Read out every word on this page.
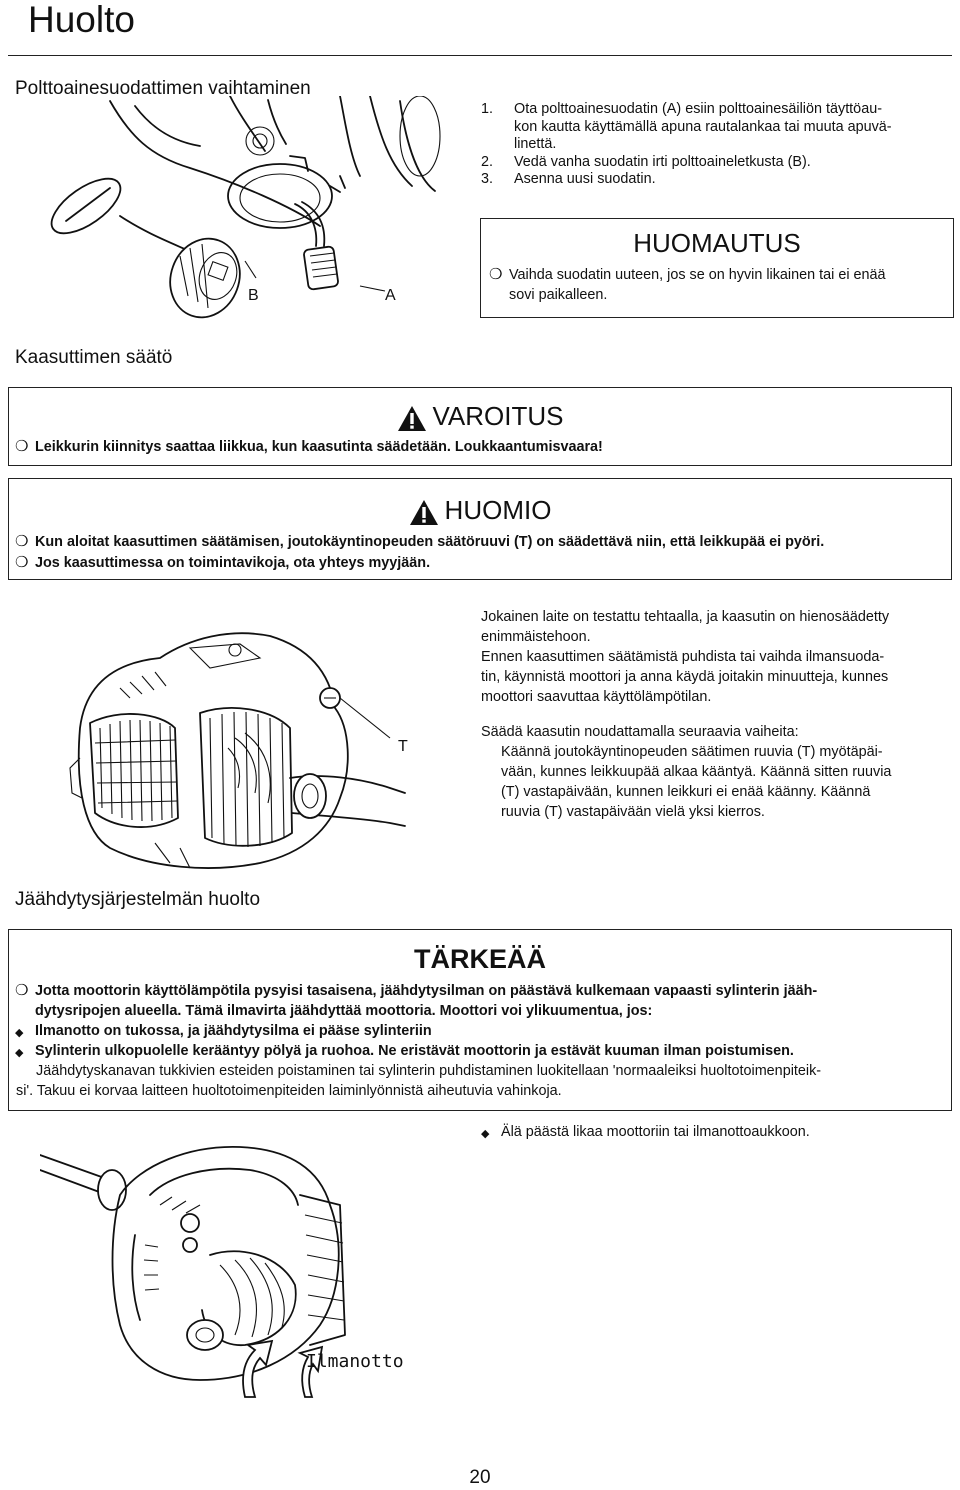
Huolto
Polttoainesuodattimen vaihtaminen
B	A
1. Ota polttoainesuodatin (A) esiin polttoainesäiliön täyttöau-
kon kautta käyttämällä apuna rautalankaa tai muuta apuvä-
linettä.
2. Vedä vanha suodatin irti polttoaineletkusta (B).
3. Asenna uusi suodatin.
HUOMAUTUS
❍ Vaihda suodatin uuteen, jos se on hyvin likainen tai ei enää
sovi paikalleen.
Kaasuttimen säätö
VAROITUS
❍ Leikkurin kiinnitys saattaa liikkua, kun kaasutinta säädetään. Loukkaantumisvaara!
HUOMIO
❍ Kun aloitat kaasuttimen säätämisen, joutokäyntinopeuden säätöruuvi (T) on säädettävä niin, että leikkupää ei pyöri.
❍ Jos kaasuttimessa on toimintavikoja, ota yhteys myyjään.
T
Jokainen laite on testattu tehtaalla, ja kaasutin on hienosäädetty
enimmäistehoon.
Ennen kaasuttimen säätämistä puhdista tai vaihda ilmansuoda-
tin, käynnistä moottori ja anna käydä joitakin minuutteja, kunnes
moottori saavuttaa käyttölämpötilan.
Säädä kaasutin noudattamalla seuraavia vaiheita:
Käännä joutokäyntinopeuden säätimen ruuvia (T) myötäpäi-
vään, kunnes leikkuupää alkaa kääntyä. Käännä sitten ruuvia
(T) vastapäivään, kunnen leikkuri ei enää käänny. Käännä
ruuvia (T) vastapäivään vielä yksi kierros.
Jäähdytysjärjestelmän huolto
TÄRKEÄÄ
❍ Jotta moottorin käyttölämpötila pysyisi tasaisena, jäähdytysilman on päästävä kulkemaan vapaasti sylinterin jääh-
dytysripojen alueella. Tämä ilmavirta jäähdyttää moottoria. Moottori voi ylikuumentua, jos:
◆ Ilmanotto on tukossa, ja jäähdytysilma ei pääse sylinteriin
◆ Sylinterin ulkopuolelle kerääntyy pölyä ja ruohoa. Ne eristävät moottorin ja estävät kuuman ilman poistumisen.
Jäähdytyskanavan tukkivien esteiden poistaminen tai sylinterin puhdistaminen luokitellaan 'normaaleiksi huoltotoimenpiteik-
si'. Takuu ei korvaa laitteen huoltotoimenpiteiden laiminlyönnistä aiheutuvia vahinkoja.
◆ Älä päästä likaa moottoriin tai ilmanottoaukkoon.
Ilmanotto
20
